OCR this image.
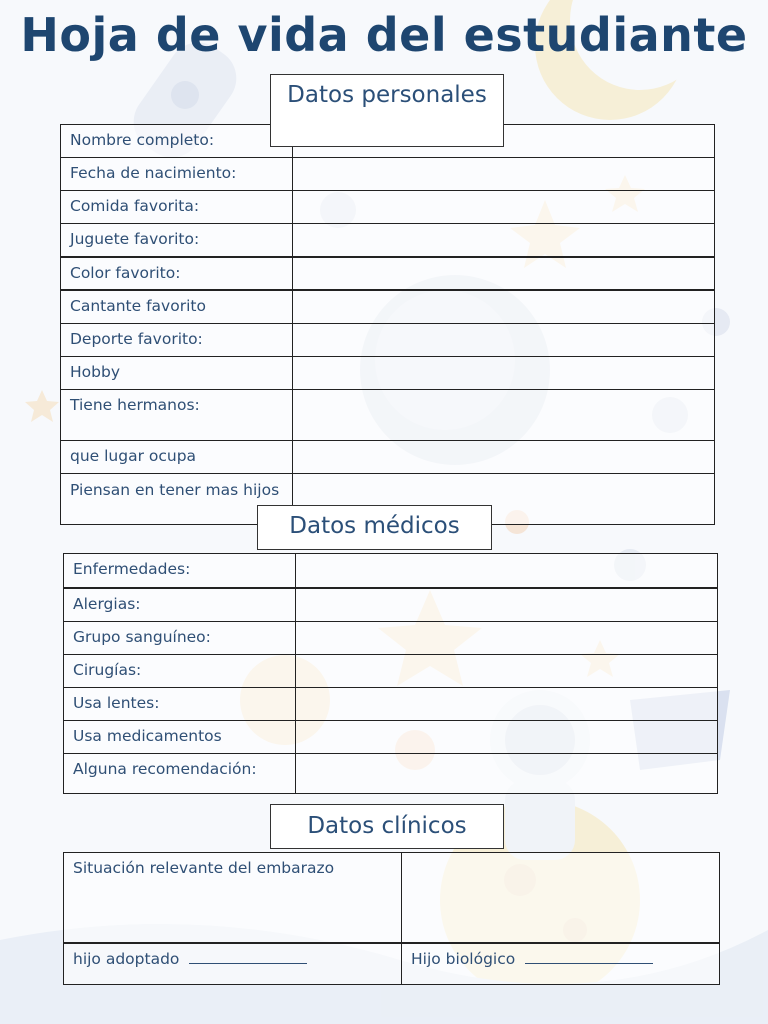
Hoja de vida del estudiante
Datos personales
Nombre completo:	
Fecha de nacimiento:	
Comida favorita:	
Juguete favorito:	
Color favorito:	
Cantante favorito	
Deporte favorito:	
Hobby	
Tiene hermanos:	
que lugar ocupa	
Piensan en tener mas hijos	
Datos médicos
Enfermedades:	
Alergias:	
Grupo sanguíneo:	
Cirugías:	
Usa lentes:	
Usa medicamentos	
Alguna recomendación:	
Datos clínicos
Situación relevante del embarazo	
hijo adoptado	Hijo biológico
